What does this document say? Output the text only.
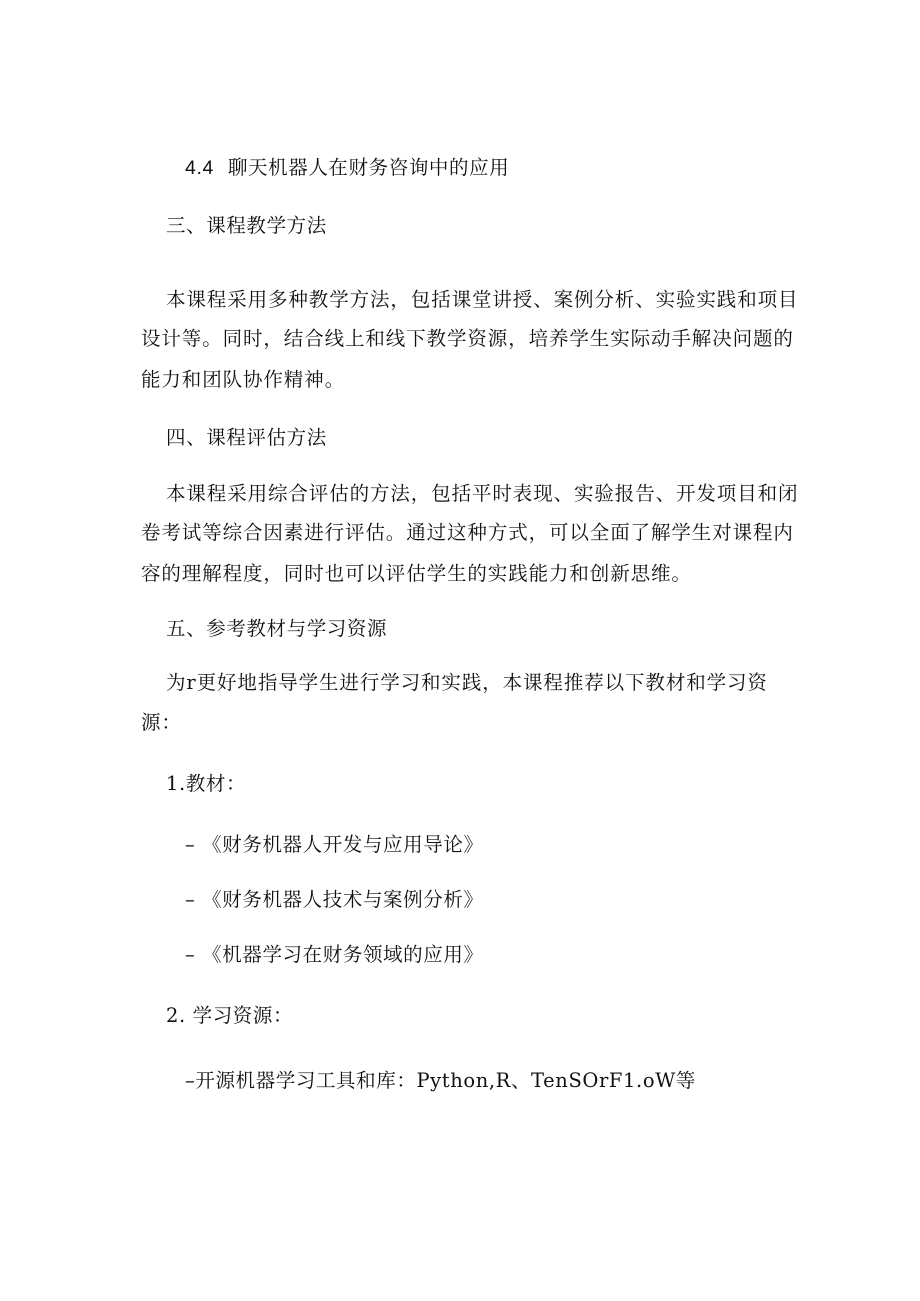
4.4 聊天机器人在财务咨询中的应用
三、课程教学方法
本课程采用多种教学方法，包括课堂讲授、案例分析、实验实践和项目
设计等。同时，结合线上和线下教学资源，培养学生实际动手解决问题的
能力和团队协作精神。
四、课程评估方法
本课程采用综合评估的方法，包括平时表现、实验报告、开发项目和闭
卷考试等综合因素进行评估。通过这种方式，可以全面了解学生对课程内
容的理解程度，同时也可以评估学生的实践能力和创新思维。
五、参考教材与学习资源
为r更好地指导学生进行学习和实践，本课程推荐以下教材和学习资
源：
1.教材：
– 《财务机器人开发与应用导论》
– 《财务机器人技术与案例分析》
– 《机器学习在财务领域的应用》
2. 学习资源：
–开源机器学习工具和库：Python,R、TenSOrF1.oW等
